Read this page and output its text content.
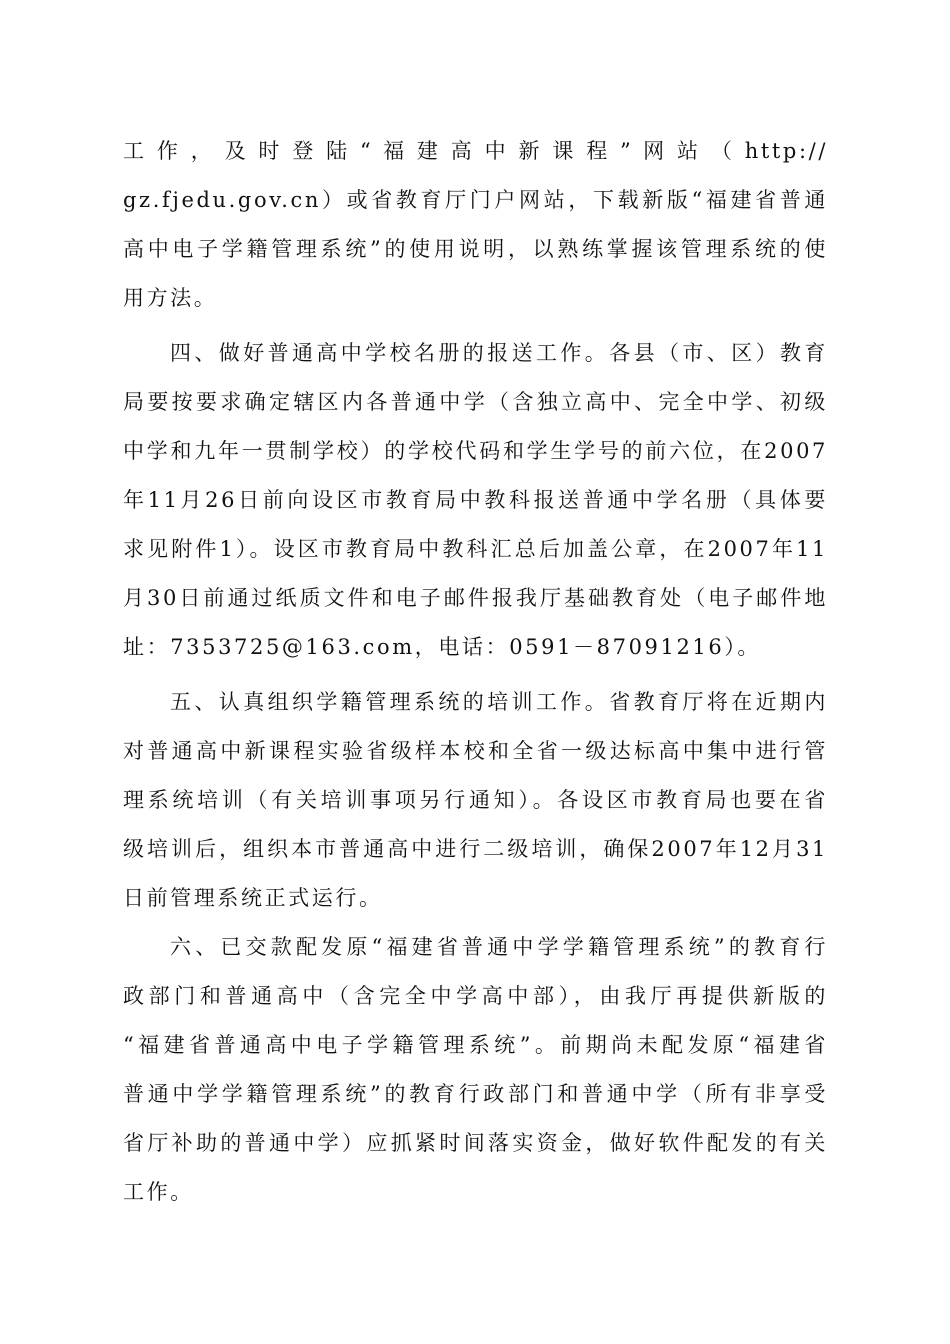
工 作 ， 及 时 登 陆 “ 福 建 高 中 新 课 程 ” 网 站 （ http://
gz.fjedu.gov.cn）或省教育厅门户网站，下载新版“福建省普通
高中电子学籍管理系统”的使用说明，以熟练掌握该管理系统的使
用方法。
四、做好普通高中学校名册的报送工作。各县（市、区）教育
局要按要求确定辖区内各普通中学（含独立高中、完全中学、初级
中学和九年一贯制学校）的学校代码和学生学号的前六位，在2007
年11月26日前向设区市教育局中教科报送普通中学名册（具体要
求见附件1）。设区市教育局中教科汇总后加盖公章，在2007年11
月30日前通过纸质文件和电子邮件报我厅基础教育处（电子邮件地
址：7353725@163.com，电话：0591－87091216）。
五、认真组织学籍管理系统的培训工作。省教育厅将在近期内
对普通高中新课程实验省级样本校和全省一级达标高中集中进行管
理系统培训（有关培训事项另行通知）。各设区市教育局也要在省
级培训后，组织本市普通高中进行二级培训，确保2007年12月31
日前管理系统正式运行。
六、已交款配发原“福建省普通中学学籍管理系统”的教育行
政部门和普通高中（含完全中学高中部），由我厅再提供新版的
“福建省普通高中电子学籍管理系统”。前期尚未配发原“福建省
普通中学学籍管理系统”的教育行政部门和普通中学（所有非享受
省厅补助的普通中学）应抓紧时间落实资金，做好软件配发的有关
工作。
